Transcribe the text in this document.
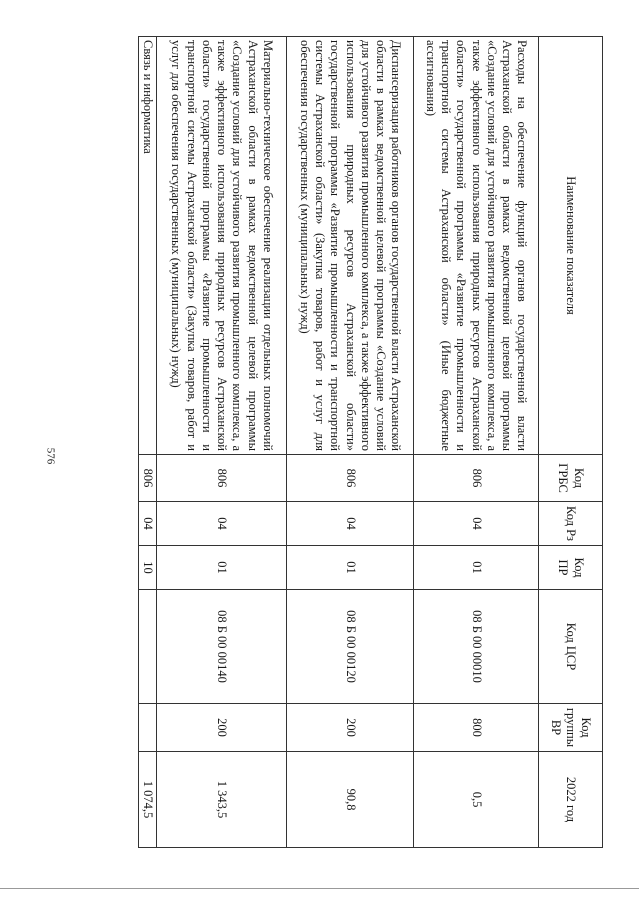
576
Наименование показателя	Код ГРБС	Код Рз	Код ПР	Код ЦСР	Код группы ВР	2022 год
Расходы на обеспечение функций органов государственной власти Астраханской области в рамках ведомственной целевой программы «Создание условий для устойчивого развития промышленного комплекса, а также эффективного использования природных ресурсов Астраханской области» государственной программы «Развитие промышленности и транспортной системы Астраханской области» (Иные бюджетные ассигнования)	806	04	01	08 Б 00 00010	800	0,5
Диспансеризация работников органов государственной власти Астраханской области в рамках ведомственной целевой программы «Создание условий для устойчивого развития промышленного комплекса, а также эффективного использования природных ресурсов Астраханской области» государственной программы «Развитие промышленности и транспортной системы Астраханской области» (Закупка товаров, работ и услуг для обеспечения государственных (муниципальных) нужд)	806	04	01	08 Б 00 00120	200	90,8
Материально-техническое обеспечение реализации отдельных полномочий Астраханской области в рамках ведомственной целевой программы «Создание условий для устойчивого развития промышленного комплекса, а также эффективного использования природных ресурсов Астраханской области» государственной программы «Развитие промышленности и транспортной системы Астраханской области» (Закупка товаров, работ и услуг для обеспечения государственных (муниципальных) нужд)	806	04	01	08 Б 00 00140	200	1 343,5
Связь и информатика	806	04	10			1 074,5
